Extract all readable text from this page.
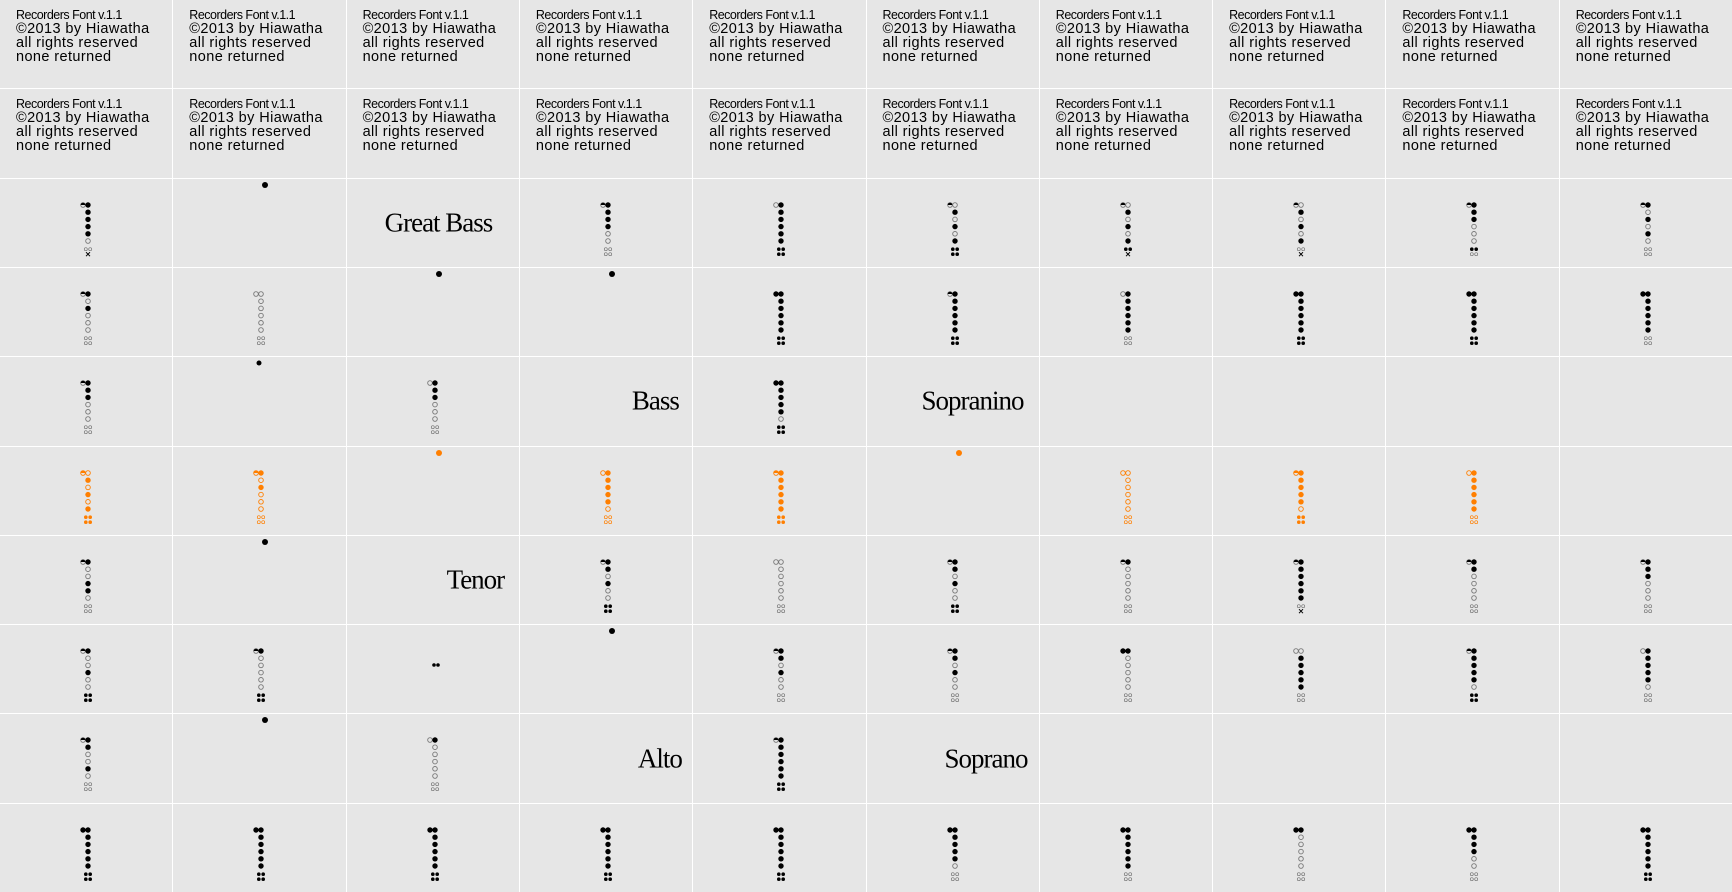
Recorders Font v.1.1
©2013 by Hiawatha
all rights reserved
none returned
Recorders Font v.1.1
©2013 by Hiawatha
all rights reserved
none returned
Recorders Font v.1.1
©2013 by Hiawatha
all rights reserved
none returned
Recorders Font v.1.1
©2013 by Hiawatha
all rights reserved
none returned
Recorders Font v.1.1
©2013 by Hiawatha
all rights reserved
none returned
Recorders Font v.1.1
©2013 by Hiawatha
all rights reserved
none returned
Recorders Font v.1.1
©2013 by Hiawatha
all rights reserved
none returned
Recorders Font v.1.1
©2013 by Hiawatha
all rights reserved
none returned
Recorders Font v.1.1
©2013 by Hiawatha
all rights reserved
none returned
Recorders Font v.1.1
©2013 by Hiawatha
all rights reserved
none returned
Recorders Font v.1.1
©2013 by Hiawatha
all rights reserved
none returned
Recorders Font v.1.1
©2013 by Hiawatha
all rights reserved
none returned
Recorders Font v.1.1
©2013 by Hiawatha
all rights reserved
none returned
Recorders Font v.1.1
©2013 by Hiawatha
all rights reserved
none returned
Recorders Font v.1.1
©2013 by Hiawatha
all rights reserved
none returned
Recorders Font v.1.1
©2013 by Hiawatha
all rights reserved
none returned
Recorders Font v.1.1
©2013 by Hiawatha
all rights reserved
none returned
Recorders Font v.1.1
©2013 by Hiawatha
all rights reserved
none returned
Recorders Font v.1.1
©2013 by Hiawatha
all rights reserved
none returned
Recorders Font v.1.1
©2013 by Hiawatha
all rights reserved
none returned
Great Bass
Bass	Sopranino
Tenor
Alto	Soprano
